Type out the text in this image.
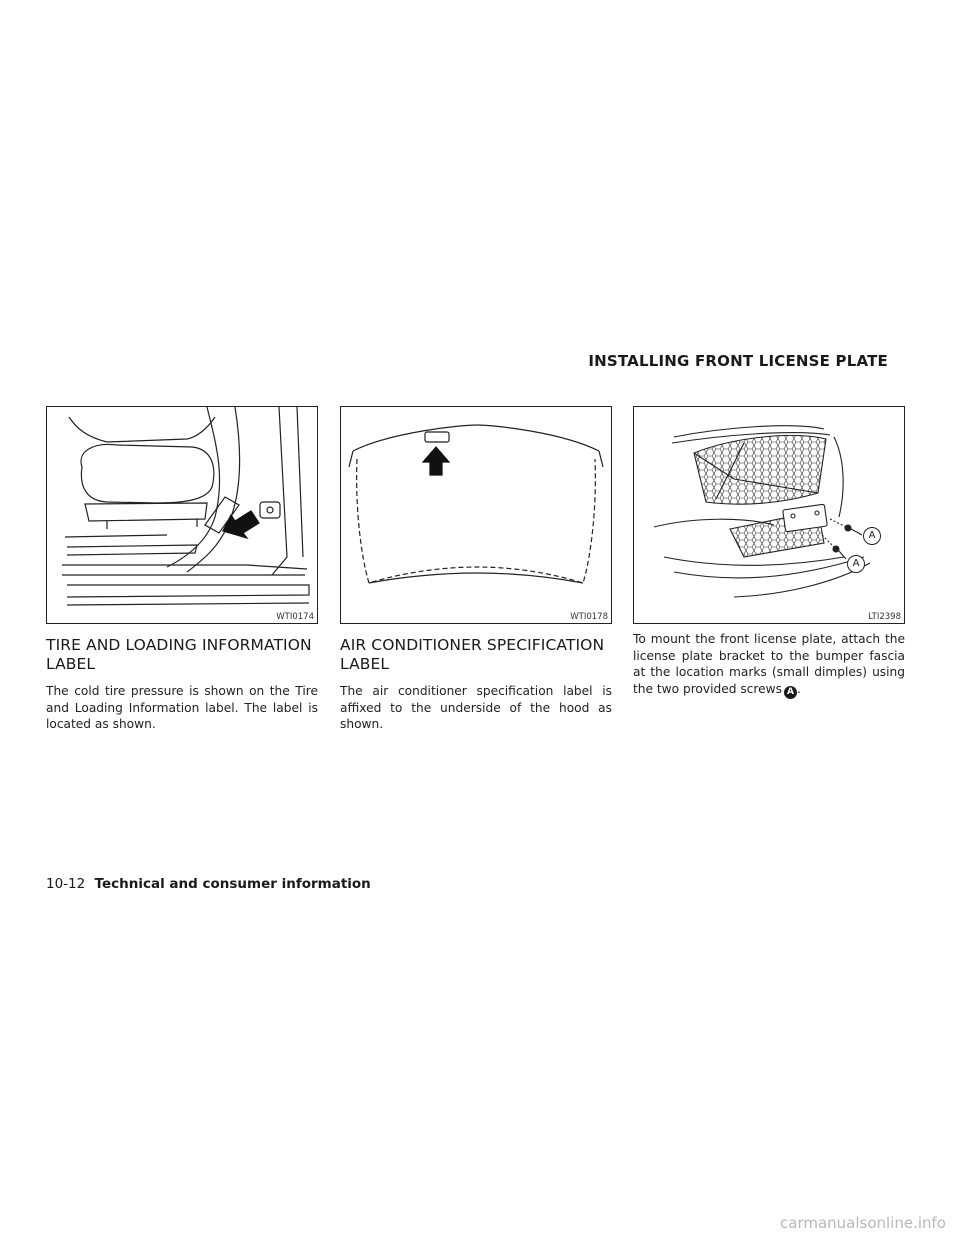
INSTALLING FRONT LICENSE PLATE
WTI0174
TIRE AND LOADING INFORMATION LABEL

The cold tire pressure is shown on the Tire and Loading Information label. The label is located as shown.

WTI0178
AIR CONDITIONER SPECIFICATION LABEL

The air conditioner specification label is affixed to the underside of the hood as shown.

A
A
LTI2398

To mount the front license plate, attach the license plate bracket to the bumper fascia at the location marks (small dimples) using the two provided screws A .

10-12 Technical and consumer information
carmanualsonline.info
